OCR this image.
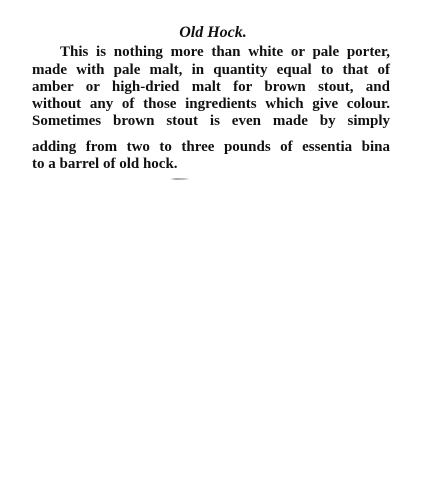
Old Hock.
This is nothing more than white or pale porter,
made with pale malt, in quantity equal to that of
amber or high-dried malt for brown stout, and
without any of those ingredients which give colour.
Sometimes brown stout is even made by simply
adding from two to three pounds of essentia bina
to a barrel of old hock.
